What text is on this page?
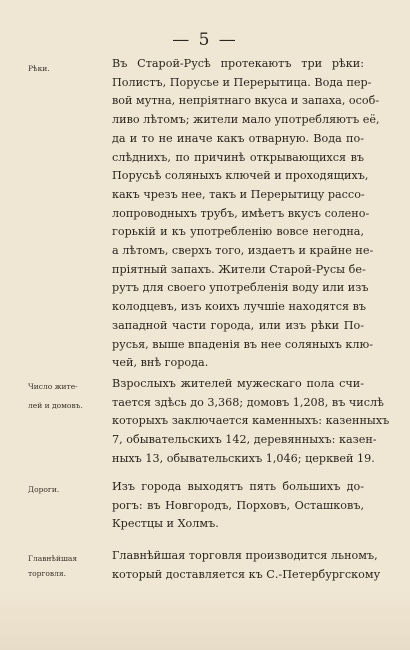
— 5 —
Рѣки.	Въ Старой-Русѣ протекаютъ три рѣки:
Полистъ, Порусье и Перерытица. Вода пер-
вой мутна, непріятнаго вкуса и запаха, особ-
ливо лѣтомъ; жители мало употребляютъ её,
да и то не иначе какъ отварную. Вода по-
слѣднихъ, по причинѣ открывающихся въ
Порусьѣ соляныхъ ключей и проходящихъ,
какъ чрезъ нее, такъ и Перерытицу рассо-
лопроводныхъ трубъ, имѣетъ вкусъ солено-
горькій и къ употребленію вовсе негодна,
а лѣтомъ, сверхъ того, издаетъ и крайне не-
пріятный запахъ. Жители Старой-Русы бе-
рутъ для своего употребленія воду или изъ
колодцевъ, изъ коихъ лучшіе находятся въ
западной части города, или изъ рѣки По-
русья, выше впаденія въ нее соляныхъ клю-
чей, внѣ города.
Число жите-
лей и домовъ.
Взрослыхъ жителей мужескаго пола счи-
тается здѣсь до 3,368; домовъ 1,208, въ числѣ
которыхъ заключается каменныхъ: казенныхъ
7, обывательскихъ 142, деревянныхъ: казен-
ныхъ 13, обывательскихъ 1,046; церквей 19.
Дороги.	Изъ города выходятъ пять большихъ до-
рогъ: въ Новгородъ, Порховъ, Осташковъ,
Крестцы и Холмъ.
Главнѣйшая
торговля.
Главнѣйшая торговля производится льномъ,
который доставляется къ С.-Петербургскому
